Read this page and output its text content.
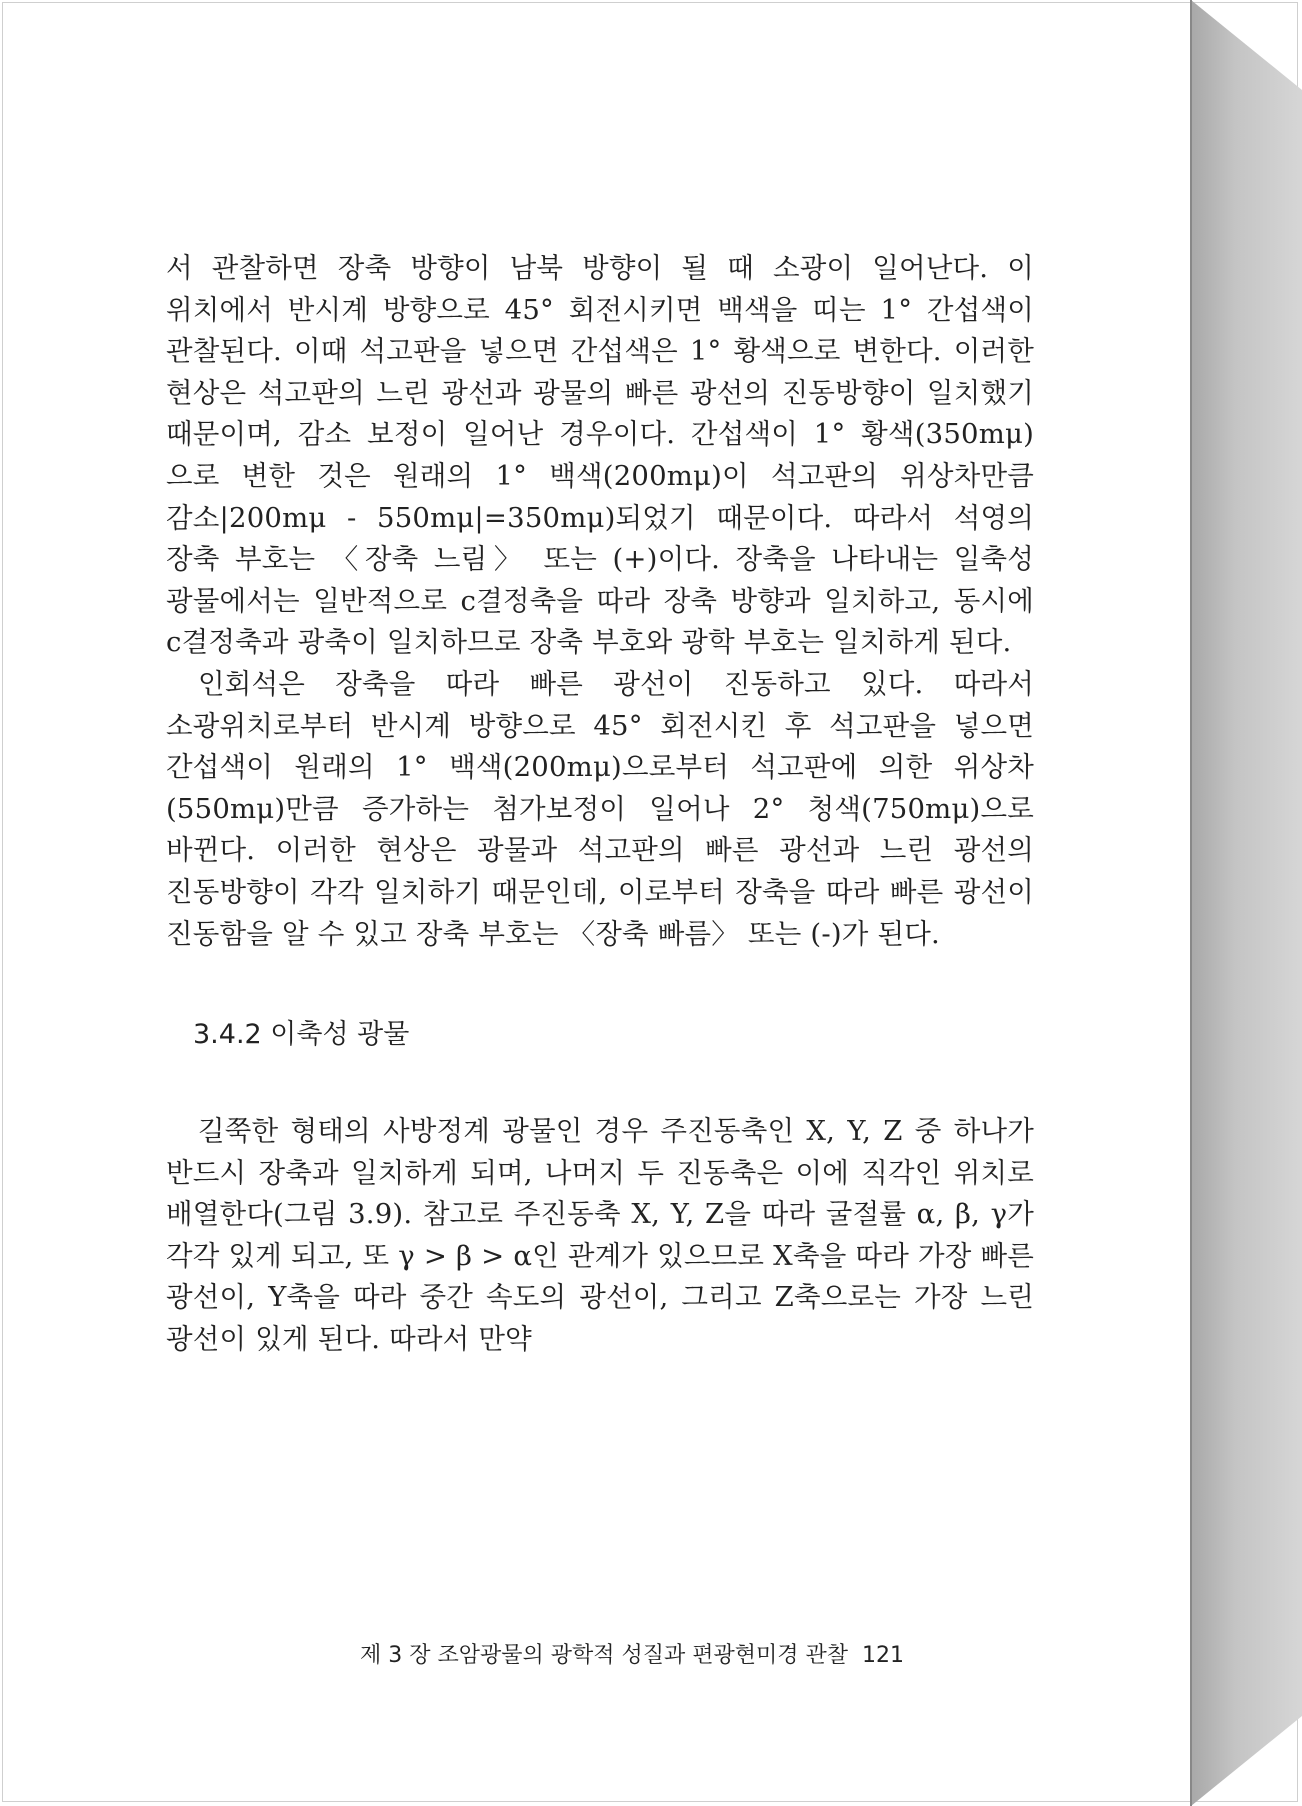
서 관찰하면 장축 방향이 남북 방향이 될 때 소광이 일어난다. 이 위치에서 반시계 방향으로 45° 회전시키면 백색을 띠는 1° 간섭색이 관찰된다. 이때 석고판을 넣으면 간섭색은 1° 황색으로 변한다. 이러한 현상은 석고판의 느린 광선과 광물의 빠른 광선의 진동방향이 일치했기 때문이며, 감소 보정이 일어난 경우이다. 간섭색이 1° 황색(350mμ)으로 변한 것은 원래의 1° 백색(200mμ)이 석고판의 위상차만큼 감소|200mμ - 550mμ|=350mμ)되었기 때문이다. 따라서 석영의 장축 부호는 〈장축 느림〉 또는 (+)이다. 장축을 나타내는 일축성 광물에서는 일반적으로 c결정축을 따라 장축 방향과 일치하고, 동시에 c결정축과 광축이 일치하므로 장축 부호와 광학 부호는 일치하게 된다.

인회석은 장축을 따라 빠른 광선이 진동하고 있다. 따라서 소광위치로부터 반시계 방향으로 45° 회전시킨 후 석고판을 넣으면 간섭색이 원래의 1° 백색(200mμ)으로부터 석고판에 의한 위상차(550mμ)만큼 증가하는 첨가보정이 일어나 2° 청색(750mμ)으로 바뀐다. 이러한 현상은 광물과 석고판의 빠른 광선과 느린 광선의 진동방향이 각각 일치하기 때문인데, 이로부터 장축을 따라 빠른 광선이 진동함을 알 수 있고 장축 부호는 〈장축 빠름〉 또는 (-)가 된다.

3.4.2 이축성 광물

길쭉한 형태의 사방정계 광물인 경우 주진동축인 X, Y, Z 중 하나가 반드시 장축과 일치하게 되며, 나머지 두 진동축은 이에 직각인 위치로 배열한다(그림 3.9). 참고로 주진동축 X, Y, Z을 따라 굴절률 α, β, γ가 각각 있게 되고, 또 γ > β > α인 관계가 있으므로 X축을 따라 가장 빠른 광선이, Y축을 따라 중간 속도의 광선이, 그리고 Z축으로는 가장 느린 광선이 있게 된다. 따라서 만약

제 3 장 조암광물의 광학적 성질과 편광현미경 관찰 121
